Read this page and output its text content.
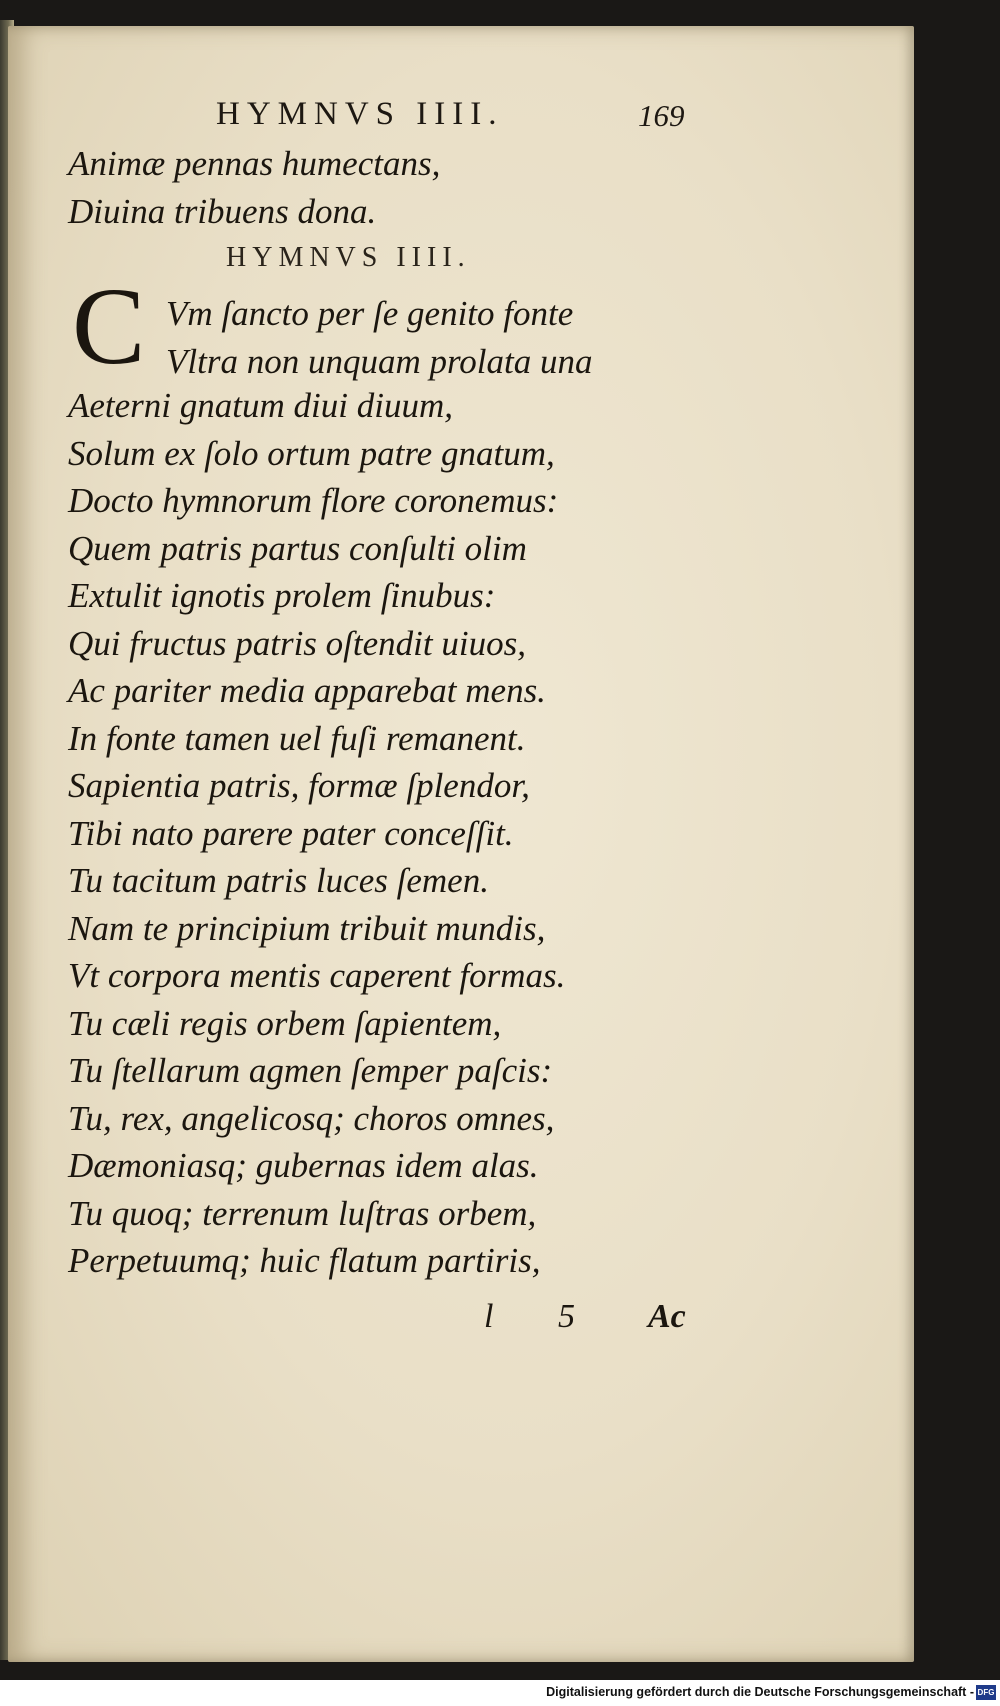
HYMNVS IIII.	169
Animæ pennas humectans,
Diuina tribuens dona.
HYMNVS IIII.
C Vm ſancto per ſe genito fonte
Vltra non unquam prolata una
Aeterni gnatum diui diuum,
Solum ex ſolo ortum patre gnatum,
Docto hymnorum flore coronemus:
Quem patris partus conſulti olim
Extulit ignotis prolem ſinubus:
Qui fructus patris oſtendit uiuos,
Ac pariter media apparebat mens.
In fonte tamen uel fuſi remanent.
Sapientia patris, formæ ſplendor,
Tibi nato parere pater conceſſit.
Tu tacitum patris luces ſemen.
Nam te principium tribuit mundis,
Vt corpora mentis caperent formas.
Tu cæli regis orbem ſapientem,
Tu ſtellarum agmen ſemper paſcis:
Tu, rex, angelicosq; choros omnes,
Dæmoniasq; gubernas idem alas.
Tu quoq; terrenum luſtras orbem,
Perpetuumq; huic flatum partiris,
l 5 Ac
Digitalisierung gefördert durch die Deutsche Forschungsgemeinschaft - DFG
